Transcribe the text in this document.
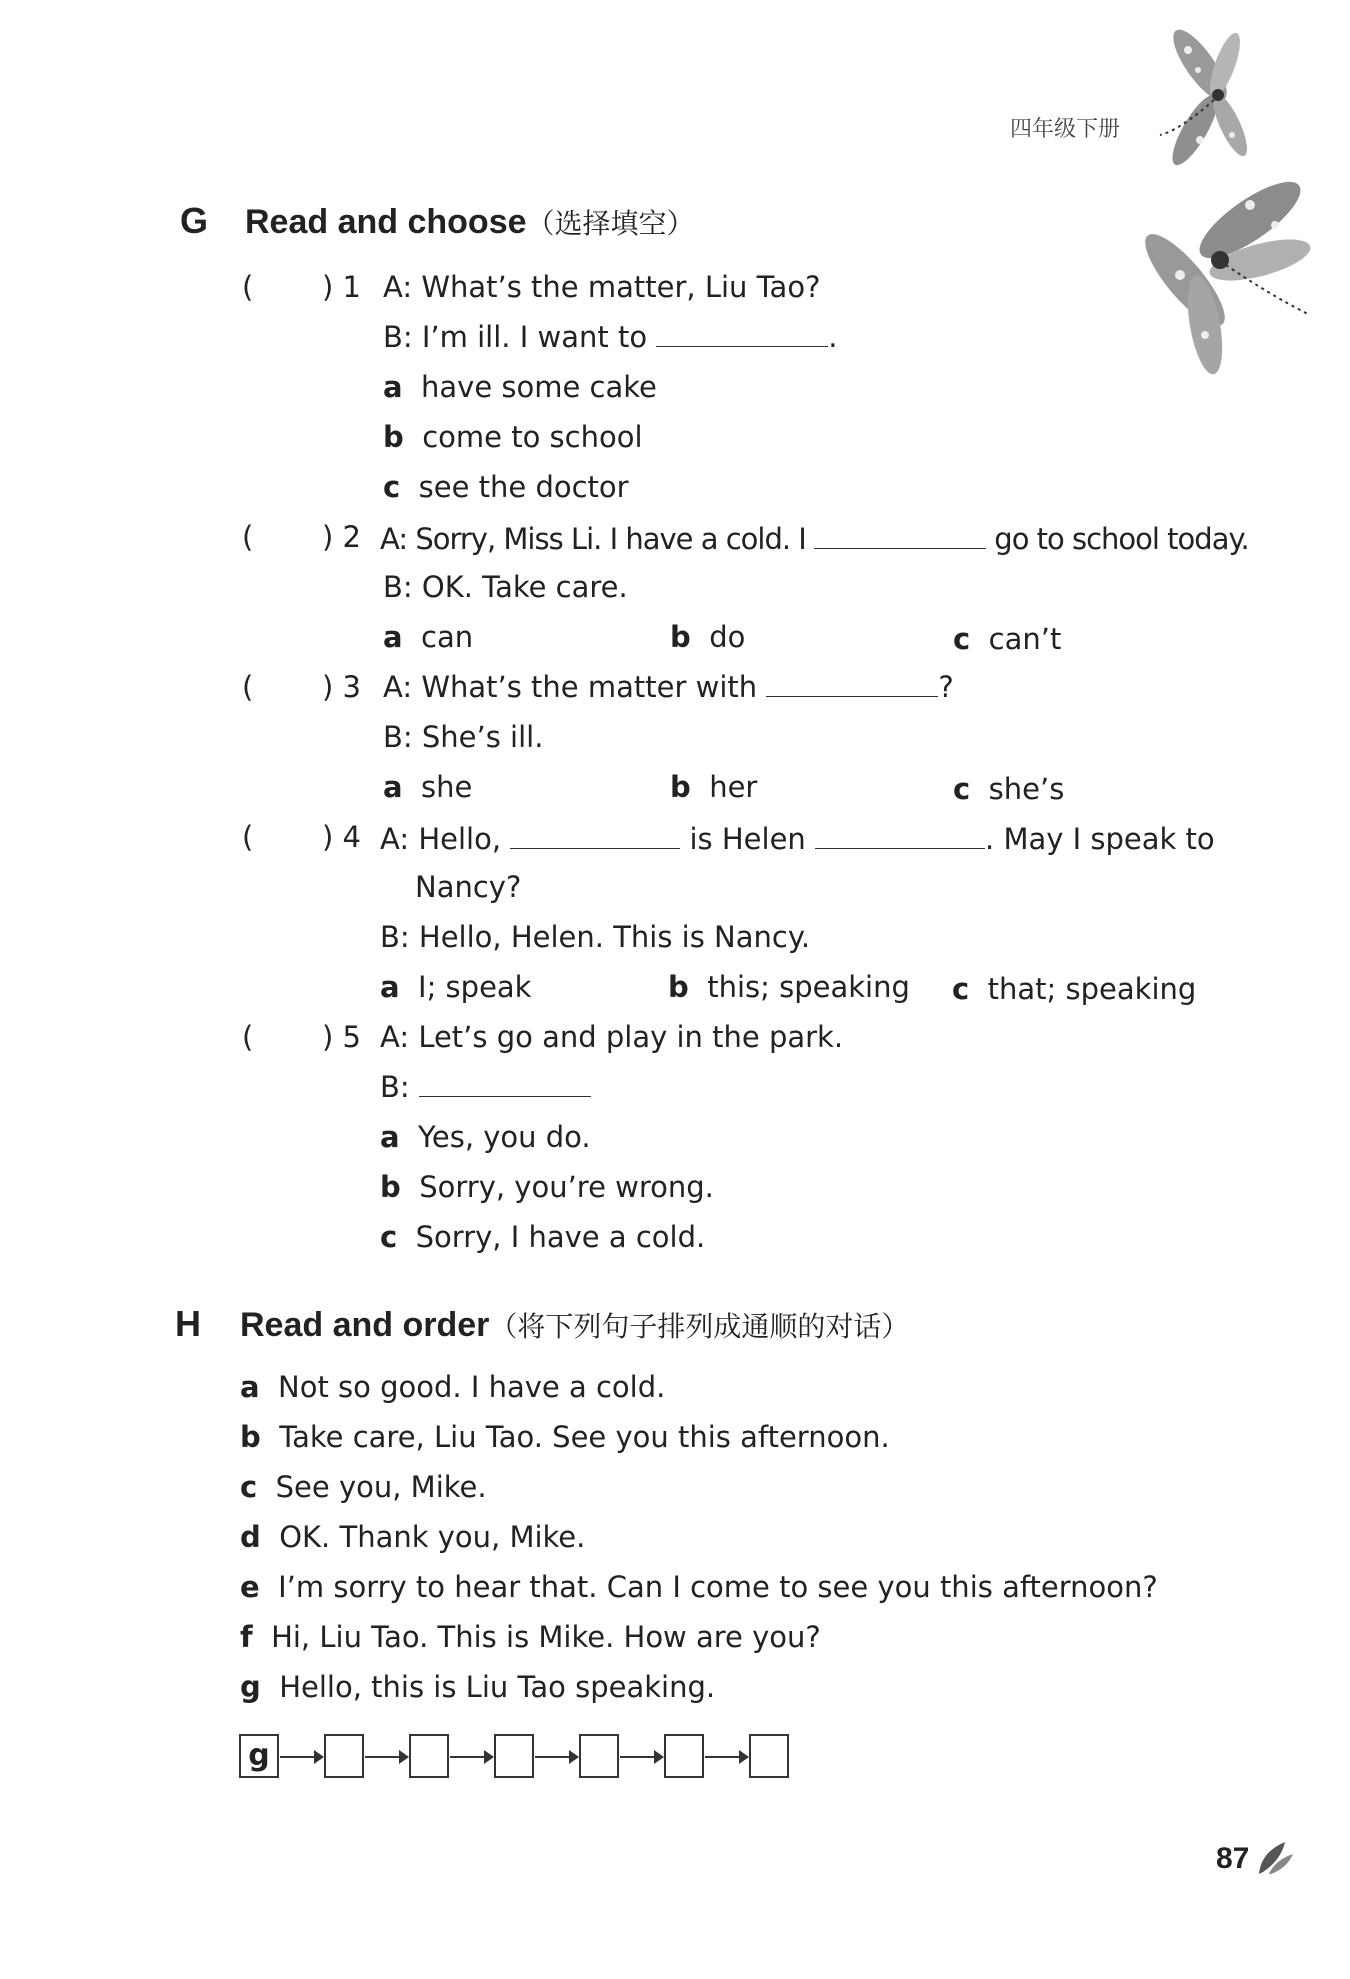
四年级下册
G Read and choose（选择填空）
( ) 1 A: What’s the matter, Liu Tao?
B: I’m ill. I want to	.
a have some cake
b come to school
c see the doctor
( ) 2 A: Sorry, Miss Li. I have a cold. I	go to school today.
B: OK. Take care.
a can	b do	c can’t
( ) 3 A: What’s the matter with	?
B: She’s ill.
a she	b her	c she’s
( ) 4 A: Hello,	is Helen	. May I speak to
Nancy?
B: Hello, Helen. This is Nancy.
a I; speak	b this; speaking c that; speaking
( ) 5 A: Let’s go and play in the park.
B:
a Yes, you do.
b Sorry, you’re wrong.
c Sorry, I have a cold.
H Read and order（将下列句子排列成通顺的对话）
a Not so good. I have a cold.
b Take care, Liu Tao. See you this afternoon.
c See you, Mike.
d OK. Thank you, Mike.
e I’m sorry to hear that. Can I come to see you this afternoon?
f Hi, Liu Tao. This is Mike. How are you?
g Hello, this is Liu Tao speaking.
g
87
